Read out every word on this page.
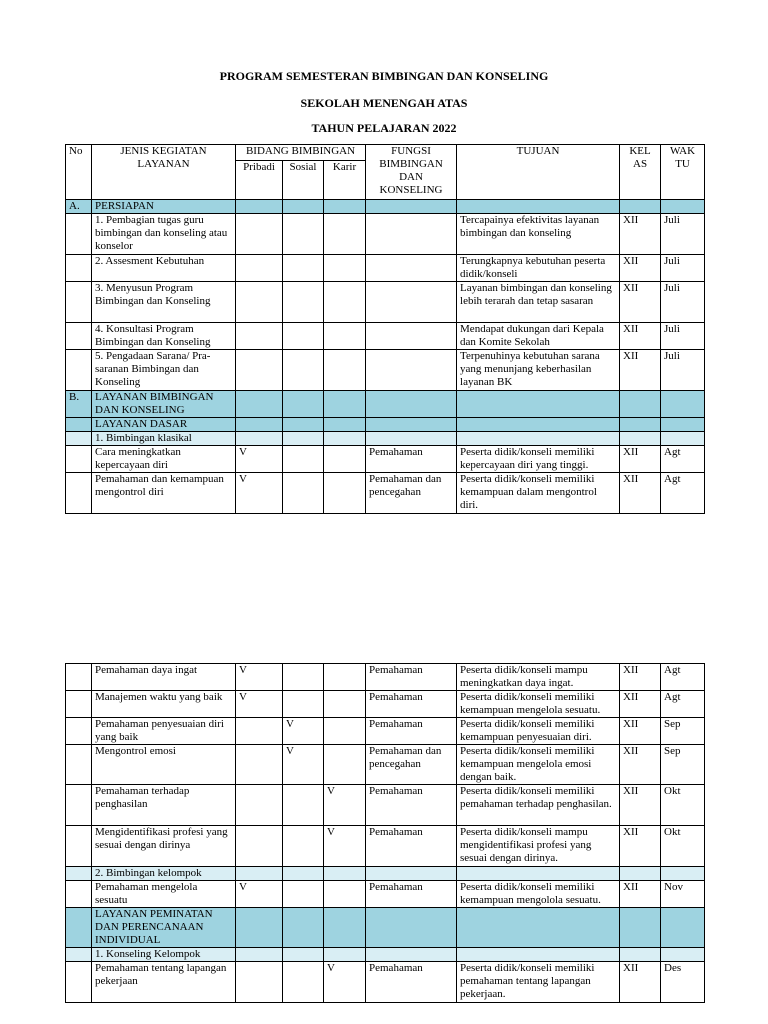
PROGRAM SEMESTERAN BIMBINGAN DAN KONSELING
SEKOLAH MENENGAH ATAS
TAHUN PELAJARAN 2022
No	JENIS KEGIATAN LAYANAN	BIDANG BIMBINGAN			FUNGSI BIMBINGAN DAN KONSELING	TUJUAN	KEL AS	WAK TU
		Pribadi	Sosial	Karir				
A.	PERSIAPAN							
	1. Pembagian tugas guru bimbingan dan konseling atau konselor					Tercapainya efektivitas layanan bimbingan dan konseling	XII	Juli
	2. Assesment Kebutuhan					Terungkapnya kebutuhan peserta didik/konseli	XII	Juli
	3. Menyusun Program Bimbingan dan Konseling					Layanan bimbingan dan konseling lebih terarah dan tetap sasaran	XII	Juli
	4. Konsultasi Program Bimbingan dan Konseling					Mendapat dukungan dari Kepala dan Komite Sekolah	XII	Juli
	5. Pengadaan Sarana/ Pra-saranan Bimbingan dan Konseling					Terpenuhinya kebutuhan sarana yang menunjang keberhasilan layanan BK	XII	Juli
B.	LAYANAN BIMBINGAN DAN KONSELING							
	LAYANAN DASAR							
	1. Bimbingan klasikal							
	Cara meningkatkan kepercayaan diri	V			Pemahaman	Peserta didik/konseli memiliki kepercayaan diri yang tinggi.	XII	Agt
	Pemahaman dan kemampuan mengontrol diri	V			Pemahaman dan pencegahan	Peserta didik/konseli memiliki kemampuan dalam mengontrol diri.	XII	Agt
	Pemahaman daya ingat	V			Pemahaman	Peserta didik/konseli mampu meningkatkan daya ingat.	XII	Agt
	Manajemen waktu yang baik	V			Pemahaman	Peserta didik/konseli memiliki kemampuan mengelola sesuatu.	XII	Agt
	Pemahaman penyesuaian diri yang baik		V		Pemahaman	Peserta didik/konseli memiliki kemampuan penyesuaian diri.	XII	Sep
	Mengontrol emosi		V		Pemahaman dan pencegahan	Peserta didik/konseli memiliki kemampuan mengelola emosi dengan baik.	XII	Sep
	Pemahaman terhadap penghasilan			V	Pemahaman	Peserta didik/konseli memiliki pemahaman terhadap penghasilan.	XII	Okt
	Mengidentifikasi profesi yang sesuai dengan dirinya			V	Pemahaman	Peserta didik/konseli mampu mengidentifikasi profesi yang sesuai dengan dirinya.	XII	Okt
	2. Bimbingan kelompok							
	Pemahaman mengelola sesuatu	V			Pemahaman	Peserta didik/konseli memiliki kemampuan mengolola sesuatu.	XII	Nov
	LAYANAN PEMINATAN DAN PERENCANAAN INDIVIDUAL							
	1. Konseling Kelompok							
	Pemahaman tentang lapangan pekerjaan			V	Pemahaman	Peserta didik/konseli memiliki pemahaman tentang lapangan pekerjaan.	XII	Des
